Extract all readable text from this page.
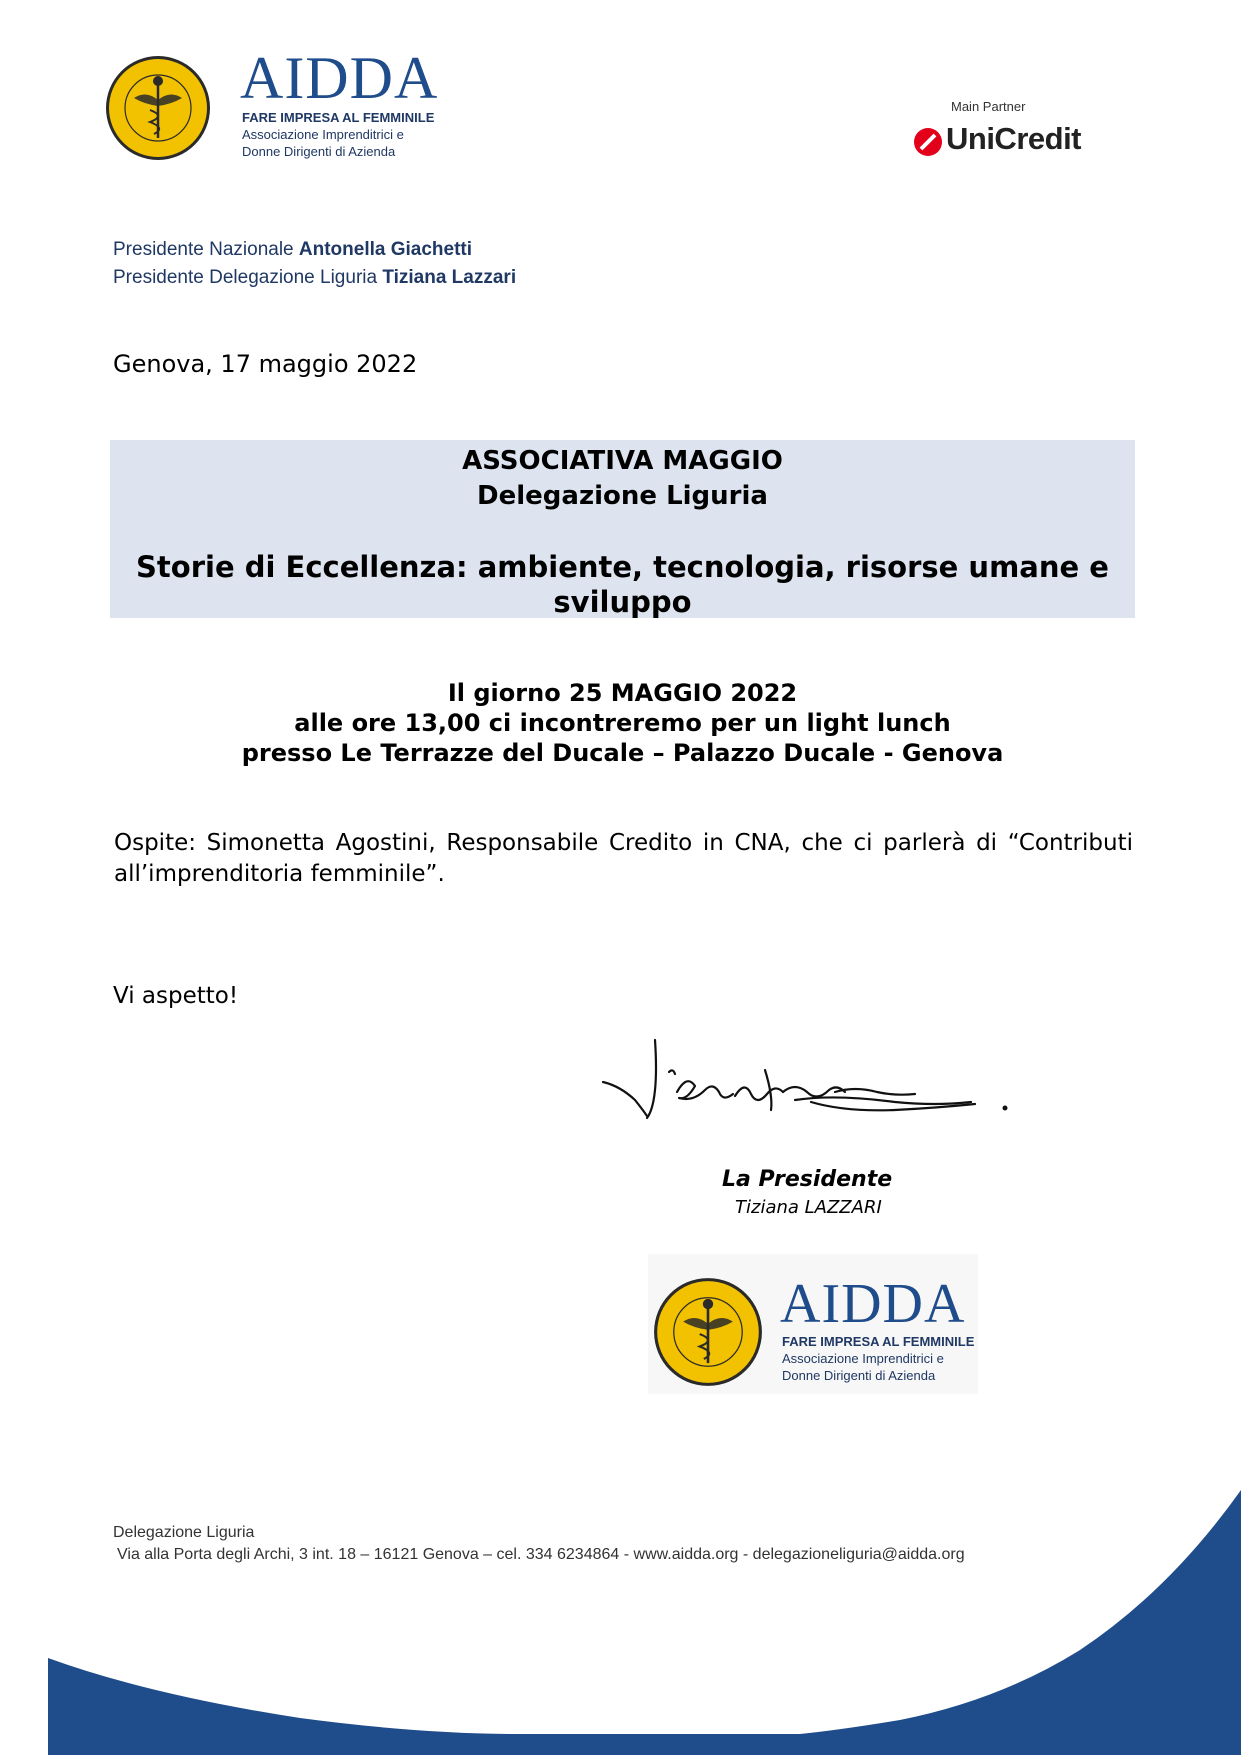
AIDDA
FARE IMPRESA AL FEMMINILE
Associazione Imprenditrici e
Donne Dirigenti di Azienda
Main Partner
UniCredit
Presidente Nazionale Antonella Giachetti
Presidente Delegazione Liguria Tiziana Lazzari
Genova, 17 maggio 2022
ASSOCIATIVA MAGGIO
Delegazione Liguria
Storie di Eccellenza: ambiente, tecnologia, risorse umane e
sviluppo
Il giorno 25 MAGGIO 2022
alle ore 13,00 ci incontreremo per un light lunch
presso Le Terrazze del Ducale – Palazzo Ducale - Genova
Ospite: Simonetta Agostini, Responsabile Credito in CNA, che ci parlerà di “Contributi all’imprenditoria femminile”.
Vi aspetto!
La Presidente
Tiziana LAZZARI
AIDDA
FARE IMPRESA AL FEMMINILE
Associazione Imprenditrici e
Donne Dirigenti di Azienda
Delegazione Liguria
Via alla Porta degli Archi, 3 int. 18 – 16121 Genova – cel. 334 6234864 - www.aidda.org - delegazioneliguria@aidda.org
